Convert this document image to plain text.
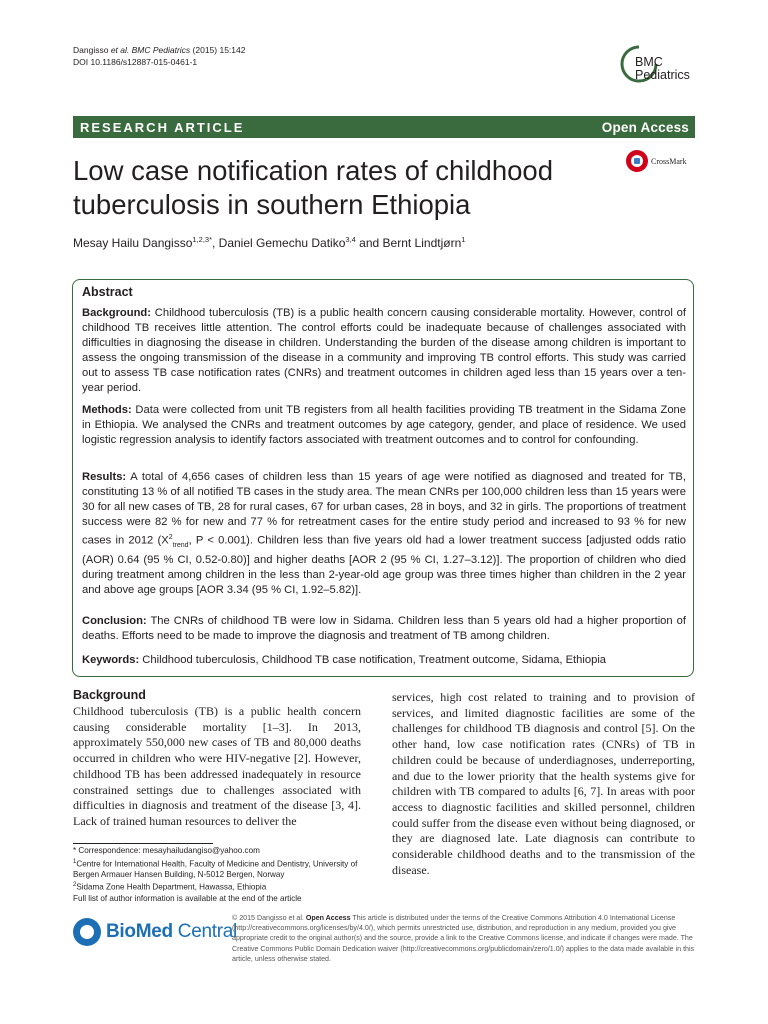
Dangisso et al. BMC Pediatrics (2015) 15:142
DOI 10.1186/s12887-015-0461-1	BMC
Pediatrics
RESEARCH ARTICLE	Open Access
CrossMark
Low case notification rates of childhood tuberculosis in southern Ethiopia
Mesay Hailu Dangisso$^{1,2,3*}$, Daniel Gemechu Datiko$^{3,4}$ and Bernt Lindtjørn$^1$
Abstract
Background: Childhood tuberculosis (TB) is a public health concern causing considerable mortality. However, control of childhood TB receives little attention. The control efforts could be inadequate because of challenges associated with difficulties in diagnosing the disease in children. Understanding the burden of the disease among children is important to assess the ongoing transmission of the disease in a community and improving TB control efforts. This study was carried out to assess TB case notification rates (CNRs) and treatment outcomes in children aged less than 15 years over a ten-year period.
Methods: Data were collected from unit TB registers from all health facilities providing TB treatment in the Sidama Zone in Ethiopia. We analysed the CNRs and treatment outcomes by age category, gender, and place of residence. We used logistic regression analysis to identify factors associated with treatment outcomes and to control for confounding.
Results: A total of 4,656 cases of children less than 15 years of age were notified as diagnosed and treated for TB, constituting 13 % of all notified TB cases in the study area. The mean CNRs per 100,000 children less than 15 years were 30 for all new cases of TB, 28 for rural cases, 67 for urban cases, 28 in boys, and 32 in girls. The proportions of treatment success were 82 % for new and 77 % for retreatment cases for the entire study period and increased to 93 % for new cases in 2012 ($X^2_{trend}$, P < 0.001). Children less than five years old had a lower treatment success [adjusted odds ratio (AOR) 0.64 (95 % CI, 0.52-0.80)] and higher deaths [AOR 2 (95 % CI, 1.27–3.12)]. The proportion of children who died during treatment among children in the less than 2-year-old age group was three times higher than children in the 2 year and above age groups [AOR 3.34 (95 % CI, 1.92–5.82)].
Conclusion: The CNRs of childhood TB were low in Sidama. Children less than 5 years old had a higher proportion of deaths. Efforts need to be made to improve the diagnosis and treatment of TB among children.
Keywords: Childhood tuberculosis, Childhood TB case notification, Treatment outcome, Sidama, Ethiopia
Background
Childhood tuberculosis (TB) is a public health concern causing considerable mortality [1–3]. In 2013, approximately 550,000 new cases of TB and 80,000 deaths occurred in children who were HIV-negative [2]. However, childhood TB has been addressed inadequately in resource constrained settings due to challenges associated with difficulties in diagnosis and treatment of the disease [3, 4]. Lack of trained human resources to deliver the
services, high cost related to training and to provision of services, and limited diagnostic facilities are some of the challenges for childhood TB diagnosis and control [5]. On the other hand, low case notification rates (CNRs) of TB in children could be because of underdiagnoses, underreporting, and due to the lower priority that the health systems give for children with TB compared to adults [6, 7]. In areas with poor access to diagnostic facilities and skilled personnel, children could suffer from the disease even without being diagnosed, or they are diagnosed late. Late diagnosis can contribute to considerable childhood deaths and to the transmission of the disease.
* Correspondence: mesayhailudangiso@yahoo.com
$^1$Centre for International Health, Faculty of Medicine and Dentistry, University of Bergen Armauer Hansen Building, N-5012 Bergen, Norway
$^2$Sidama Zone Health Department, Hawassa, Ethiopia
Full list of author information is available at the end of the article
BioMed Central
© 2015 Dangisso et al. Open Access This article is distributed under the terms of the Creative Commons Attribution 4.0 International License (http://creativecommons.org/licenses/by/4.0/), which permits unrestricted use, distribution, and reproduction in any medium, provided you give appropriate credit to the original author(s) and the source, provide a link to the Creative Commons license, and indicate if changes were made. The Creative Commons Public Domain Dedication waiver (http://creativecommons.org/publicdomain/zero/1.0/) applies to the data made available in this article, unless otherwise stated.
